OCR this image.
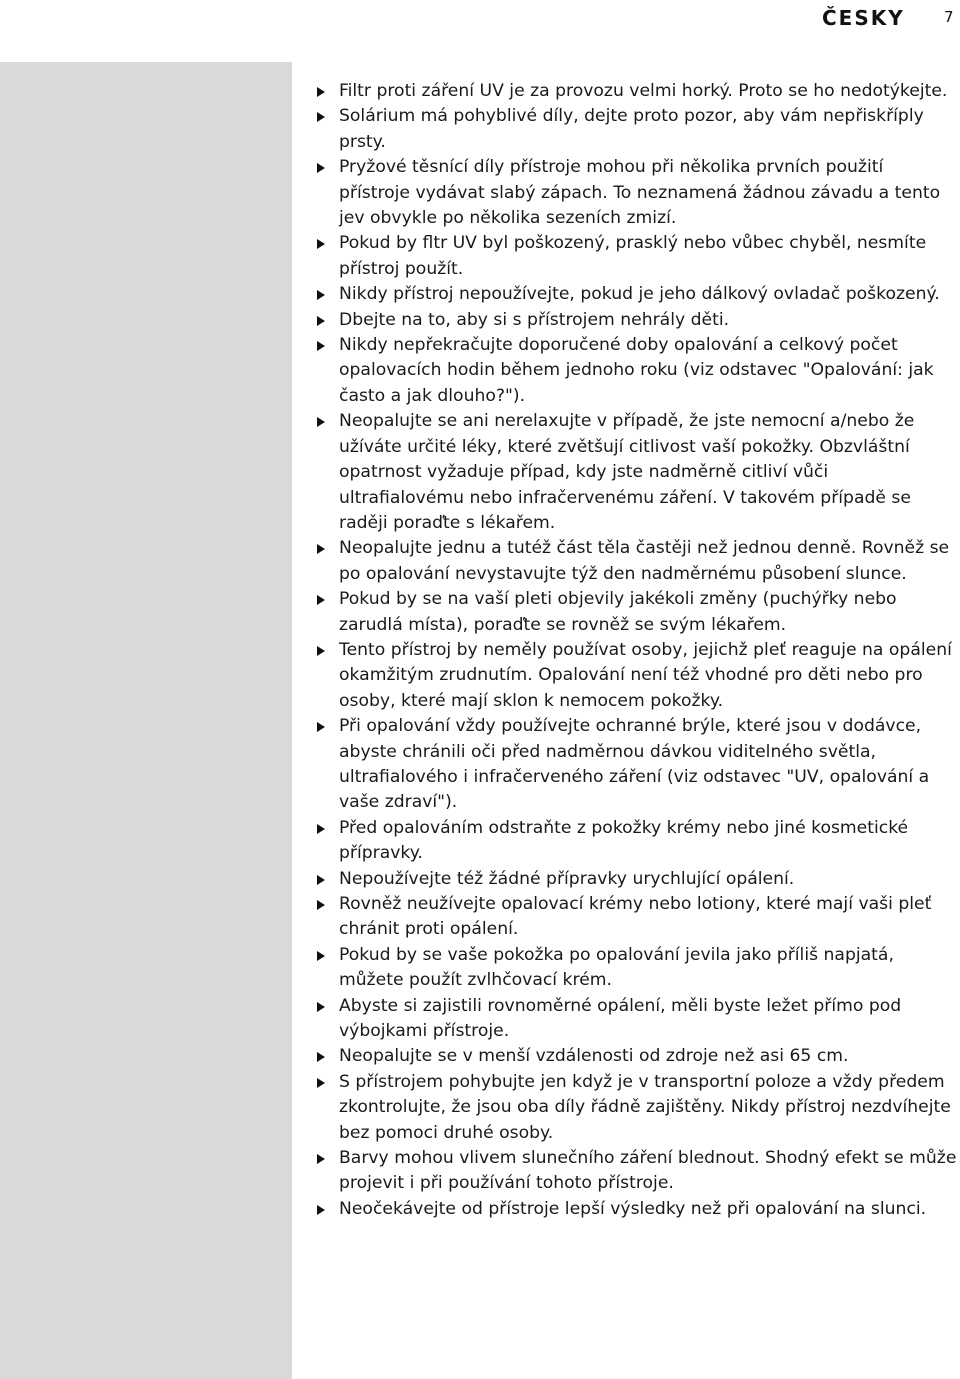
ČESKY	7
Filtr proti záření UV je za provozu velmi horký. Proto se ho nedotýkejte.
Solárium má pohyblivé díly, dejte proto pozor, aby vám nepřiskříply prsty.
Pryžové těsnící díly přístroje mohou při několika prvních použití přístroje vydávat slabý zápach. To neznamená žádnou závadu a tento jev obvykle po několika sezeních zmizí.
Pokud by fltr UV byl poškozený, prasklý nebo vůbec chyběl, nesmíte přístroj použít.
Nikdy přístroj nepoužívejte, pokud je jeho dálkový ovladač poškozený.
Dbejte na to, aby si s přístrojem nehrály děti.
Nikdy nepřekračujte doporučené doby opalování a celkový počet opalovacích hodin během jednoho roku (viz odstavec "Opalování: jak často a jak dlouho?").
Neopalujte se ani nerelaxujte v případě, že jste nemocní a/nebo že užíváte určité léky, které zvětšují citlivost vaší pokožky. Obzvláštní opatrnost vyžaduje případ, kdy jste nadměrně citliví vůči ultrafialovému nebo infračervenému záření. V takovém případě se raději poraďte s lékařem.
Neopalujte jednu a tutéž část těla častěji než jednou denně. Rovněž se po opalování nevystavujte týž den nadměrnému působení slunce.
Pokud by se na vaší pleti objevily jakékoli změny (puchýřky nebo zarudlá místa), poraďte se rovněž se svým lékařem.
Tento přístroj by neměly používat osoby, jejichž pleť reaguje na opálení okamžitým zrudnutím. Opalování není též vhodné pro děti nebo pro osoby, které mají sklon k nemocem pokožky.
Při opalování vždy používejte ochranné brýle, které jsou v dodávce, abyste chránili oči před nadměrnou dávkou viditelného světla, ultrafialového i infračerveného záření (viz odstavec "UV, opalování a vaše zdraví").
Před opalováním odstraňte z pokožky krémy nebo jiné kosmetické přípravky.
Nepoužívejte též žádné přípravky urychlující opálení.
Rovněž neužívejte opalovací krémy nebo lotiony, které mají vaši pleť chránit proti opálení.
Pokud by se vaše pokožka po opalování jevila jako příliš napjatá, můžete použít zvlhčovací krém.
Abyste si zajistili rovnoměrné opálení, měli byste ležet přímo pod výbojkami přístroje.
Neopalujte se v menší vzdálenosti od zdroje než asi 65 cm.
S přístrojem pohybujte jen když je v transportní poloze a vždy předem zkontrolujte, že jsou oba díly řádně zajištěny. Nikdy přístroj nezdvíhejte bez pomoci druhé osoby.
Barvy mohou vlivem slunečního záření blednout. Shodný efekt se může projevit i při používání tohoto přístroje.
Neočekávejte od přístroje lepší výsledky než při opalování na slunci.
